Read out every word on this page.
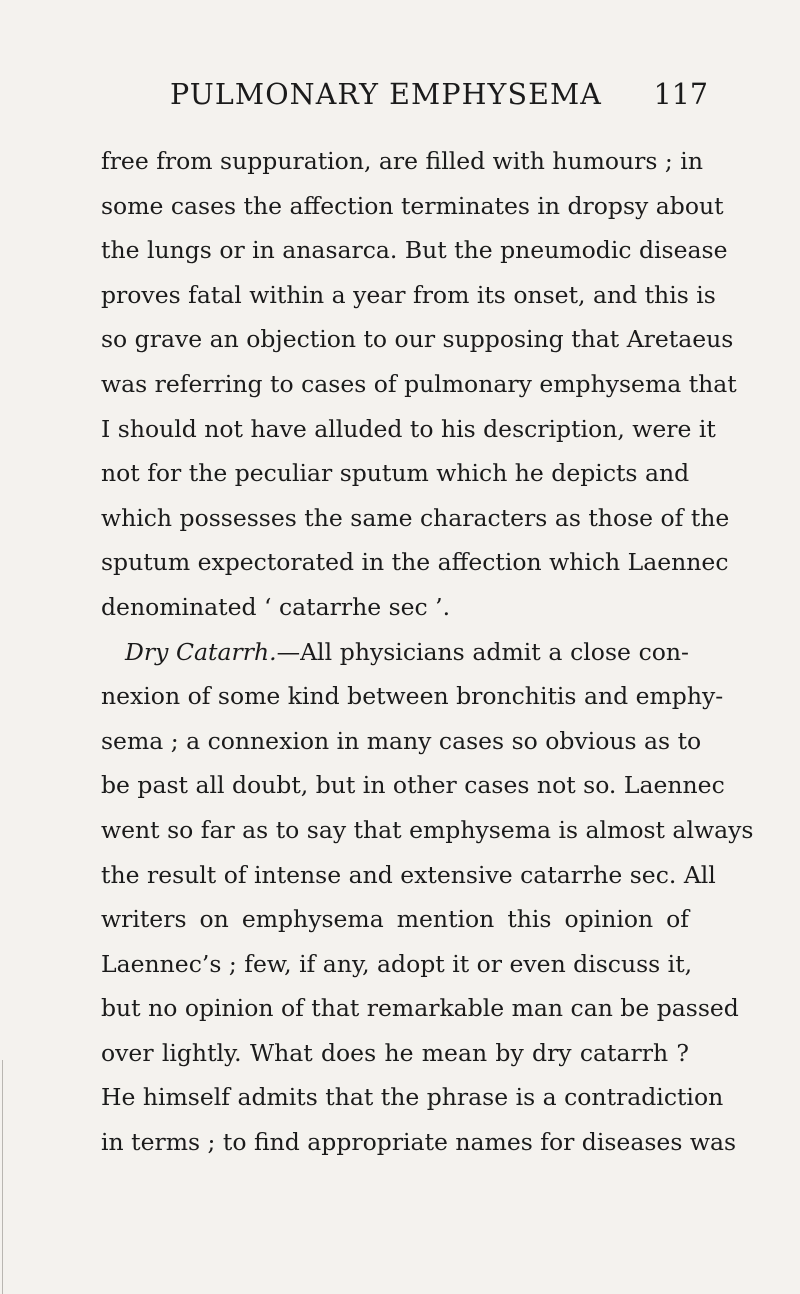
PULMONARY EMPHYSEMA 117
free from suppuration, are filled with humours ; in
some cases the affection terminates in dropsy about
the lungs or in anasarca. But the pneumodic disease
proves fatal within a year from its onset, and this is
so grave an objection to our supposing that Aretaeus
was referring to cases of pulmonary emphysema that
I should not have alluded to his description, were it
not for the peculiar sputum which he depicts and
which possesses the same characters as those of the
sputum expectorated in the affection which Laennec
denominated ‘ catarrhe sec ’.
Dry Catarrh.—All physicians admit a close con-
nexion of some kind between bronchitis and emphy-
sema ; a connexion in many cases so obvious as to
be past all doubt, but in other cases not so. Laennec
went so far as to say that emphysema is almost always
the result of intense and extensive catarrhe sec. All
writers on emphysema mention this opinion of
Laennec’s ; few, if any, adopt it or even discuss it,
but no opinion of that remarkable man can be passed
over lightly. What does he mean by dry catarrh ?
He himself admits that the phrase is a contradiction
in terms ; to find appropriate names for diseases was
